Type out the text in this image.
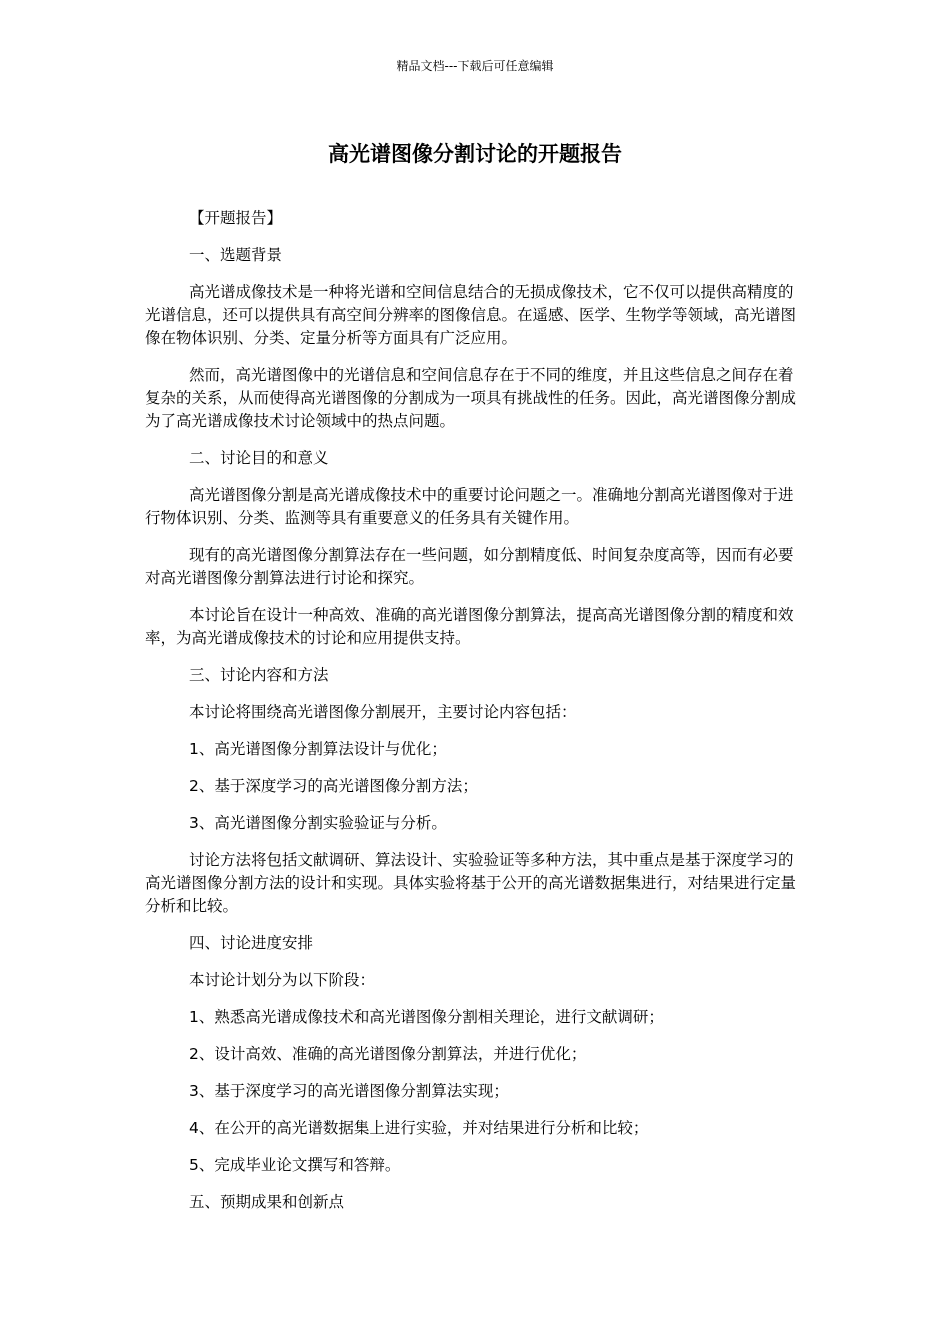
精品文档---下载后可任意编辑
高光谱图像分割讨论的开题报告

【开题报告】

一、选题背景

高光谱成像技术是一种将光谱和空间信息结合的无损成像技术，它不仅可以提供高精度的光谱信息，还可以提供具有高空间分辨率的图像信息。在遥感、医学、生物学等领域，高光谱图像在物体识别、分类、定量分析等方面具有广泛应用。

然而，高光谱图像中的光谱信息和空间信息存在于不同的维度，并且这些信息之间存在着复杂的关系，从而使得高光谱图像的分割成为一项具有挑战性的任务。因此，高光谱图像分割成为了高光谱成像技术讨论领域中的热点问题。

二、讨论目的和意义

高光谱图像分割是高光谱成像技术中的重要讨论问题之一。准确地分割高光谱图像对于进行物体识别、分类、监测等具有重要意义的任务具有关键作用。

现有的高光谱图像分割算法存在一些问题，如分割精度低、时间复杂度高等，因而有必要对高光谱图像分割算法进行讨论和探究。

本讨论旨在设计一种高效、准确的高光谱图像分割算法，提高高光谱图像分割的精度和效率，为高光谱成像技术的讨论和应用提供支持。

三、讨论内容和方法

本讨论将围绕高光谱图像分割展开，主要讨论内容包括：

1、高光谱图像分割算法设计与优化；

2、基于深度学习的高光谱图像分割方法；

3、高光谱图像分割实验验证与分析。

讨论方法将包括文献调研、算法设计、实验验证等多种方法，其中重点是基于深度学习的高光谱图像分割方法的设计和实现。具体实验将基于公开的高光谱数据集进行，对结果进行定量分析和比较。

四、讨论进度安排

本讨论计划分为以下阶段：

1、熟悉高光谱成像技术和高光谱图像分割相关理论，进行文献调研；

2、设计高效、准确的高光谱图像分割算法，并进行优化；

3、基于深度学习的高光谱图像分割算法实现；

4、在公开的高光谱数据集上进行实验，并对结果进行分析和比较；

5、完成毕业论文撰写和答辩。

五、预期成果和创新点
